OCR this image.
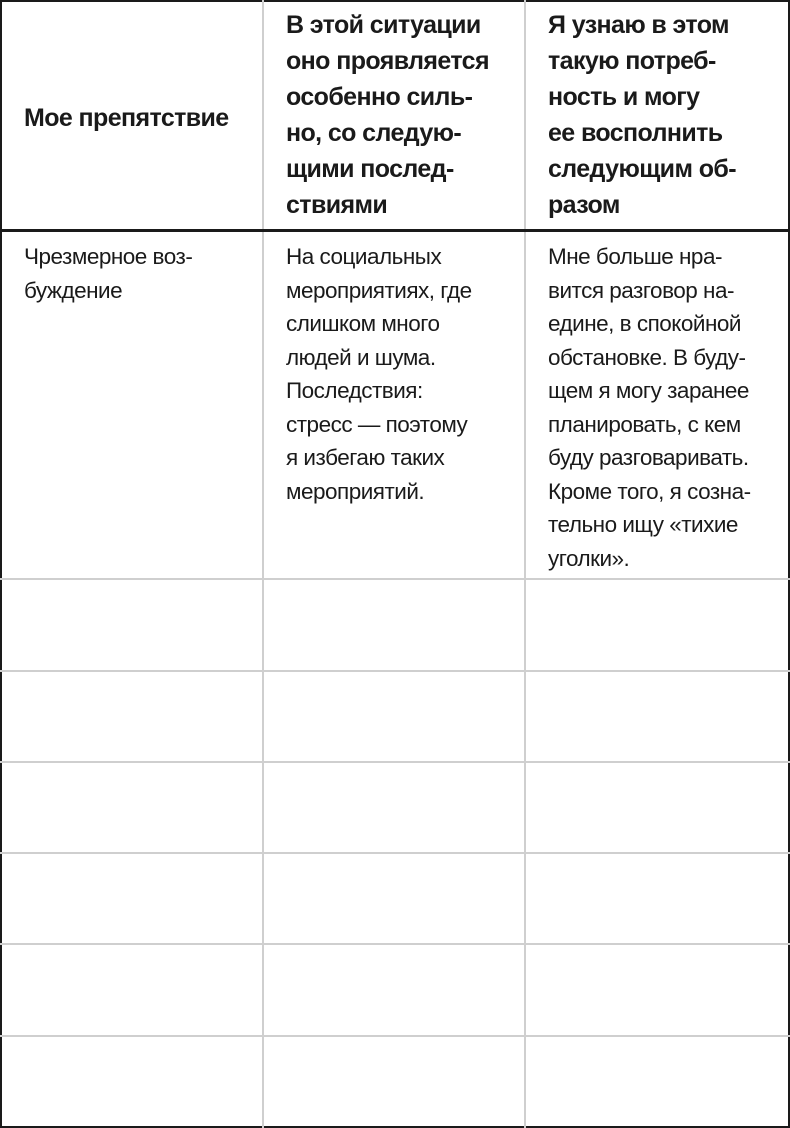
Мое препятствие

В этой ситуации
оно проявляется
особенно силь-
но, со следую-
щими послед-
ствиями

Я узнаю в этом
такую потреб-
ность и могу
ее восполнить
следующим об-
разом

Чрезмерное воз-
буждение

На социальных
мероприятиях, где
слишком много
людей и шума.
Последствия:
стресс — поэтому
я избегаю таких
мероприятий.

Мне больше нра-
вится разговор на-
едине, в спокойной
обстановке. В буду-
щем я могу заранее
планировать, с кем
буду разговаривать.
Кроме того, я созна-
тельно ищу «тихие
уголки».
